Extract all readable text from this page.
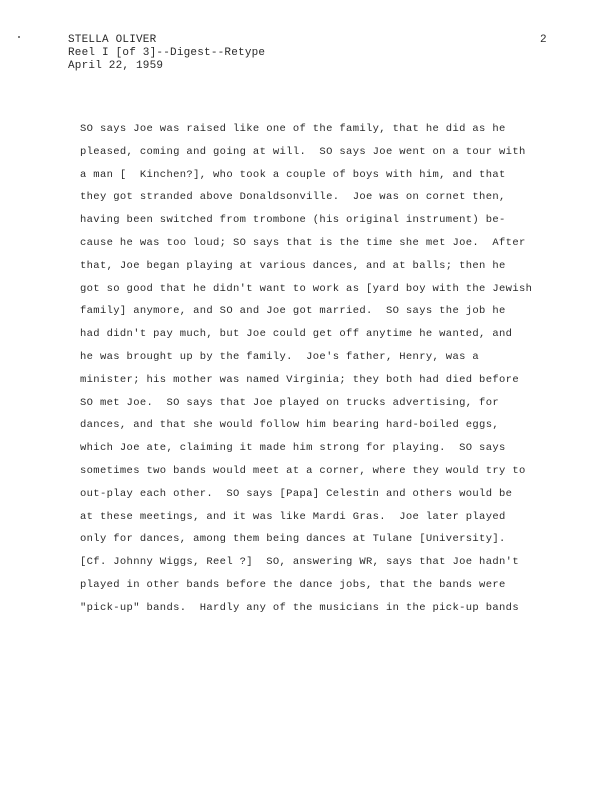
STELLA OLIVER
Reel I [of 3]--Digest--Retype
April 22, 1959
2
SO says Joe was raised like one of the family, that he did as he
pleased, coming and going at will.  SO says Joe went on a tour with
a man [  Kinchen?], who took a couple of boys with him, and that
they got stranded above Donaldsonville.  Joe was on cornet then,
having been switched from trombone (his original instrument) be-
cause he was too loud; SO says that is the time she met Joe.  After
that, Joe began playing at various dances, and at balls; then he
got so good that he didn't want to work as [yard boy with the Jewish
family] anymore, and SO and Joe got married.  SO says the job he
had didn't pay much, but Joe could get off anytime he wanted, and
he was brought up by the family.  Joe's father, Henry, was a
minister; his mother was named Virginia; they both had died before
SO met Joe.  SO says that Joe played on trucks advertising, for
dances, and that she would follow him bearing hard-boiled eggs,
which Joe ate, claiming it made him strong for playing.  SO says
sometimes two bands would meet at a corner, where they would try to
out-play each other.  SO says [Papa] Celestin and others would be
at these meetings, and it was like Mardi Gras.  Joe later played
only for dances, among them being dances at Tulane [University].
[Cf. Johnny Wiggs, Reel ?]  SO, answering WR, says that Joe hadn't
played in other bands before the dance jobs, that the bands were
"pick-up" bands.  Hardly any of the musicians in the pick-up bands
